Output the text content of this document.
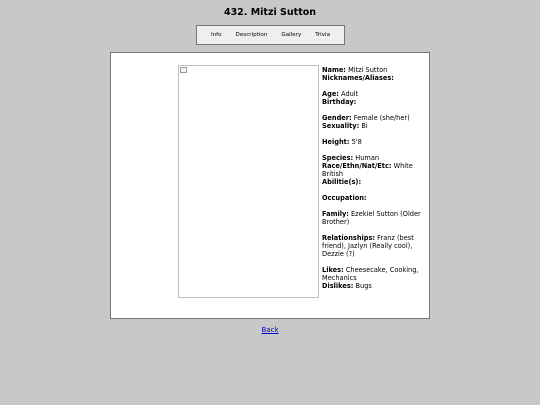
432. Mitzi Sutton
Info Description Gallery Trivia
Name: Mitzi Sutton
Nicknames/Aliases:
Age: Adult
Birthday:
Gender: Female (she/her)
Sexuality: Bi
Height: 5'8
Species: Human
Race/Ethn/Nat/Etc: White British
Abilitie(s):
Occupation:
Family: Ezekiel Sutton (Older Brother)
Relationships: Franz (best friend), Jazlyn (Really cool), Dezzie (?)
Likes: Cheesecake, Cooking, Mechanics
Dislikes: Bugs
Back
